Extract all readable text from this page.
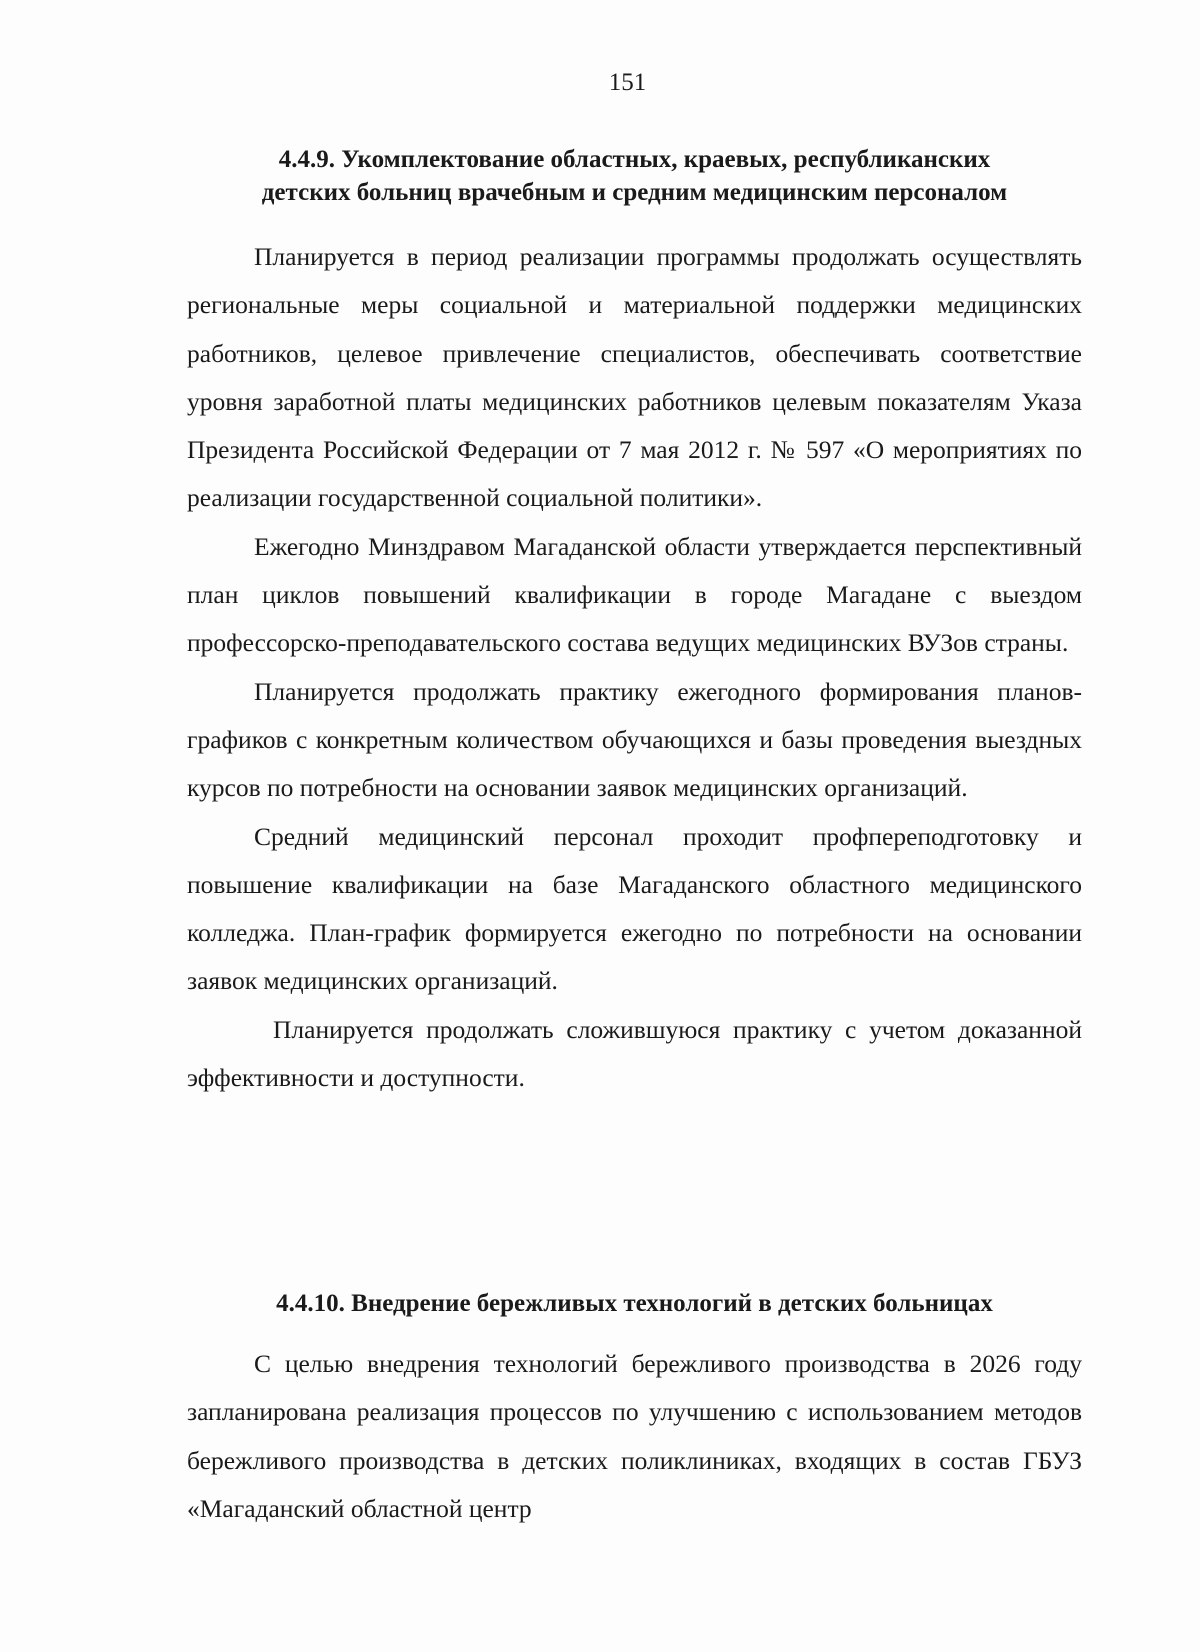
151

4.4.9. Укомплектование областных, краевых, республиканских

детских больниц врачебным и средним медицинским персоналом

Планируется в период реализации программы продолжать осуществлять региональные меры социальной и материальной поддержки медицинских работников, целевое привлечение специалистов, обеспечивать соответствие уровня заработной платы медицинских работников целевым показателям Указа Президента Российской Федерации от 7 мая 2012 г. № 597 «О мероприятиях по реализации государственной социальной политики».

Ежегодно Минздравом Магаданской области утверждается перспективный план циклов повышений квалификации в городе Магадане с выездом профессорско-преподавательского состава ведущих медицинских ВУЗов страны.

Планируется продолжать практику ежегодного формирования планов-графиков с конкретным количеством обучающихся и базы проведения выездных курсов по потребности на основании заявок медицинских организаций.

Средний медицинский персонал проходит профпереподготовку и повышение квалификации на базе Магаданского областного медицинского колледжа. План-график формируется ежегодно по потребности на основании заявок медицинских организаций.

Планируется продолжать сложившуюся практику с учетом доказанной эффективности и доступности.

4.4.10. Внедрение бережливых технологий в детских больницах

С целью внедрения технологий бережливого производства в 2026 году запланирована реализация процессов по улучшению с использованием методов бережливого производства в детских поликлиниках, входящих в состав ГБУЗ «Магаданский областной центр
